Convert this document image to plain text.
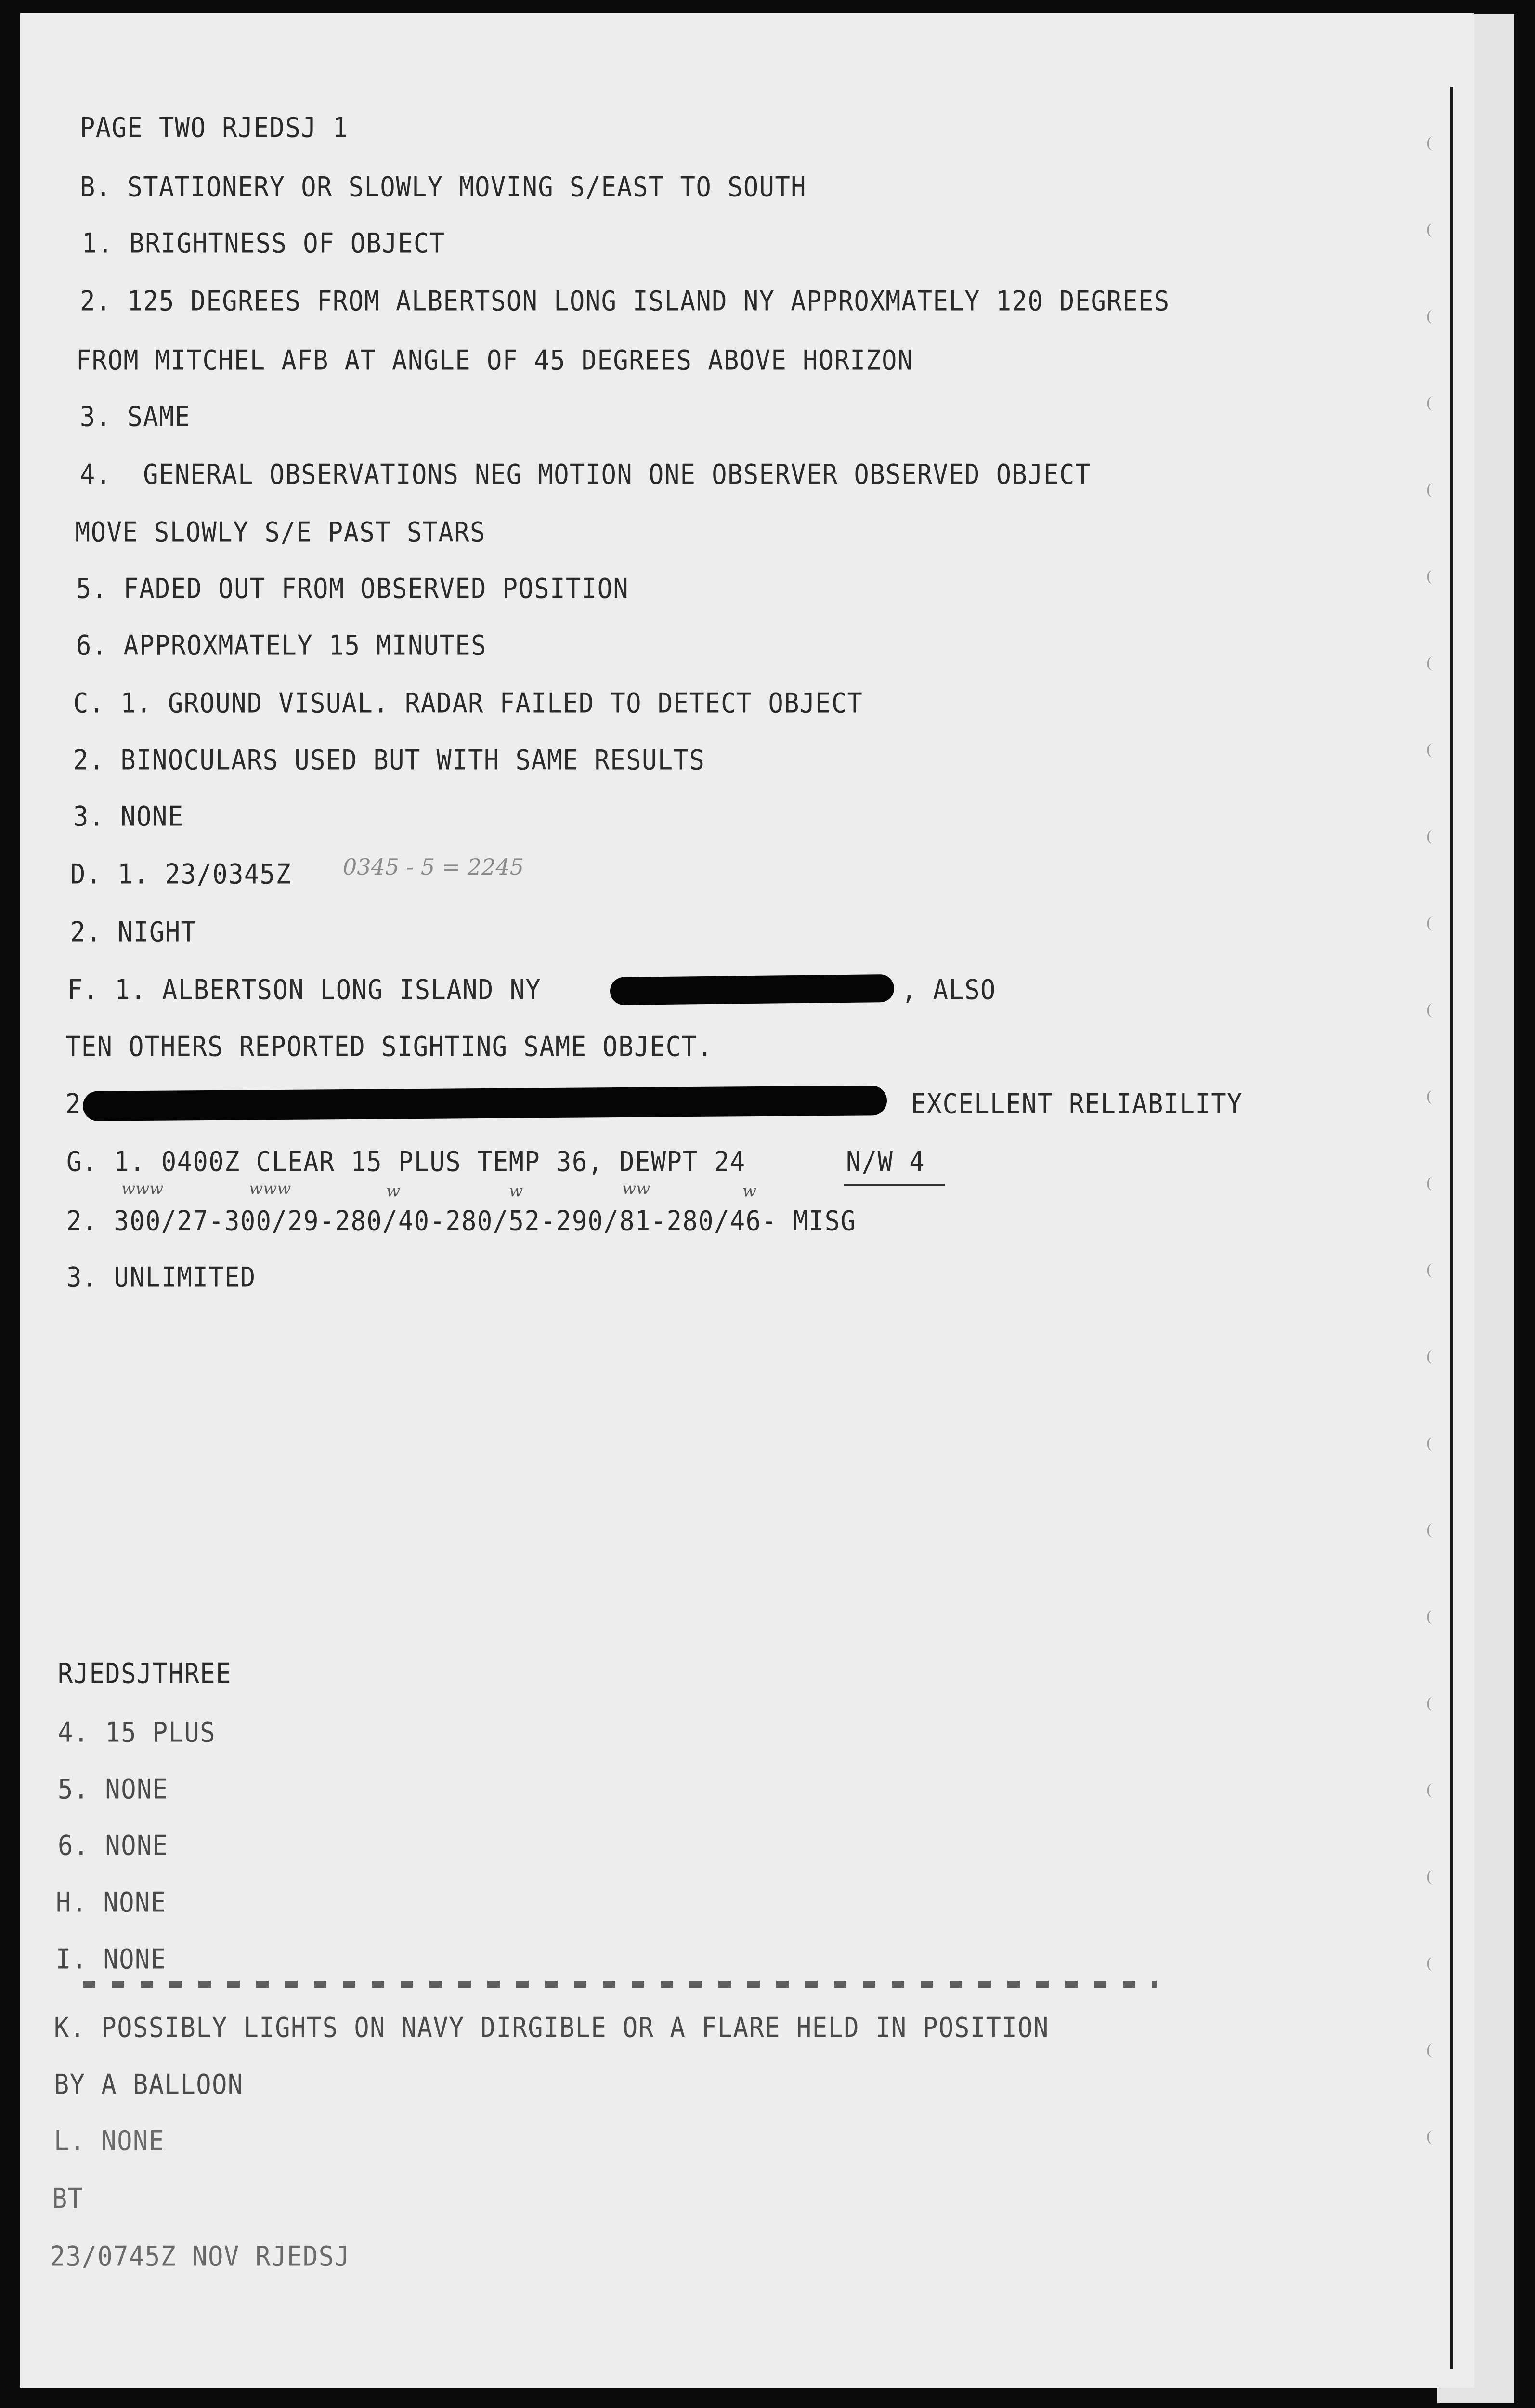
PAGE TWO RJEDSJ 1
B. STATIONERY OR SLOWLY MOVING S/EAST TO SOUTH
1. BRIGHTNESS OF OBJECT
2. 125 DEGREES FROM ALBERTSON LONG ISLAND NY APPROXMATELY 120 DEGREES
FROM MITCHEL AFB AT ANGLE OF 45 DEGREES ABOVE HORIZON
3. SAME
4.  GENERAL OBSERVATIONS NEG MOTION ONE OBSERVER OBSERVED OBJECT
MOVE SLOWLY S/E PAST STARS
5. FADED OUT FROM OBSERVED POSITION
6. APPROXMATELY 15 MINUTES
C. 1. GROUND VISUAL. RADAR FAILED TO DETECT OBJECT
2. BINOCULARS USED BUT WITH SAME RESULTS
3. NONE
D. 1. 23/0345Z 0345 - 5 = 2245
2. NIGHT
F. 1. ALBERTSON LONG ISLAND NY	, ALSO
TEN OTHERS REPORTED SIGHTING SAME OBJECT.
2	EXCELLENT RELIABILITY
G. 1. 0400Z CLEAR 15 PLUS TEMP 36, DEWPT 24	N/W 4
www	www	w	w	ww	w
2. 300/27-300/29-280/40-280/52-290/81-280/46- MISG
3. UNLIMITED
RJEDSJTHREE
4. 15 PLUS
5. NONE
6. NONE
H. NONE
I. NONE
K. POSSIBLY LIGHTS ON NAVY DIRGIBLE OR A FLARE HELD IN POSITION
BY A BALLOON
L. NONE
BT
23/0745Z NOV RJEDSJ
